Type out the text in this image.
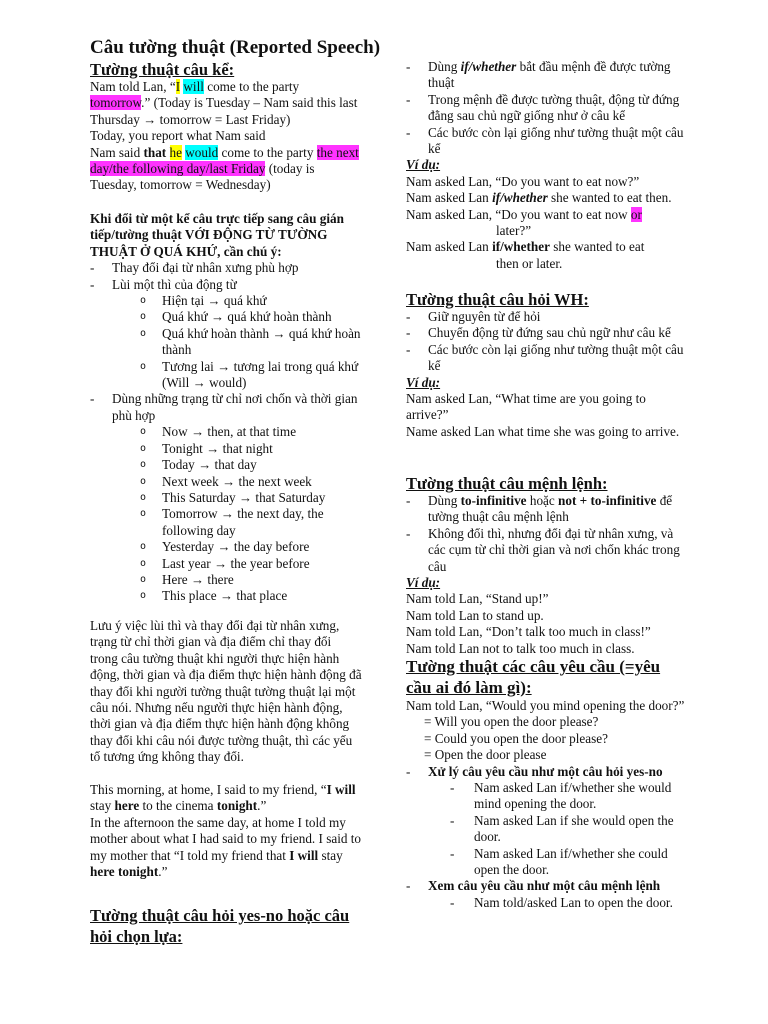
Câu tường thuật (Reported Speech)
Tường thuật câu kể:

Nam told Lan, “I will come to the party tomorrow.” (Today is Tuesday – Nam said this last Thursday → tomorrow = Last Friday)

Today, you report what Nam said

Nam said that he would come to the party the next day/the following day/last Friday (today is Tuesday, tomorrow = Wednesday)

Khi đổi từ một kể câu trực tiếp sang câu gián tiếp/tường thuật VỚI ĐỘNG TỪ TƯỜNG THUẬT Ở QUÁ KHỨ, cần chú ý:

- Thay đổi đại từ nhân xưng phù hợp
- Lùi một thì của động từ
o Hiện tại → quá khứ
o Quá khứ → quá khứ hoàn thành
o Quá khứ hoàn thành → quá khứ hoàn thành
o Tương lai → tương lai trong quá khứ (Will → would)
- Dùng những trạng từ chỉ nơi chốn và thời gian phù hợp
o Now → then, at that time
o Tonight → that night
o Today → that day
o Next week → the next week
o This Saturday → that Saturday
o Tomorrow → the next day, the following day
o Yesterday → the day before
o Last year → the year before
o Here → there
o This place → that place

Lưu ý việc lùi thì và thay đổi đại từ nhân xưng, trạng từ chỉ thời gian và địa điểm chỉ thay đổi trong câu tường thuật khi người thực hiện hành động, thời gian và địa điểm thực hiện hành động đã thay đổi khi người tường thuật tường thuật lại một câu nói. Nhưng nếu người thực hiện hành động, thời gian và địa điểm thực hiện hành động không thay đổi khi câu nói được tường thuật, thì các yếu tố tương ứng không thay đổi.

This morning, at home, I said to my friend, “I will stay here to the cinema tonight.”

In the afternoon the same day, at home I told my mother about what I had said to my friend. I said to my mother that “I told my friend that I will stay here tonight.”

Tường thuật câu hỏi yes-no hoặc câu hỏi chọn lựa:
- Dùng if/whether bắt đầu mệnh đề được tường thuật
- Trong mệnh đề được tường thuật, động từ đứng đằng sau chủ ngữ giống như ở câu kể
- Các bước còn lại giống như tường thuật một câu kể

Ví dụ:

Nam asked Lan, “Do you want to eat now?”

Nam asked Lan if/whether she wanted to eat then.

Nam asked Lan, “Do you want to eat now or

later?”

Nam asked Lan if/whether she wanted to eat

then or later.

Tường thuật câu hỏi WH:
- Giữ nguyên từ để hỏi
- Chuyển động từ đứng sau chủ ngữ như câu kể
- Các bước còn lại giống như tường thuật một câu kể

Ví dụ:

Nam asked Lan, “What time are you going to arrive?”

Name asked Lan what time she was going to arrive.

Tường thuật câu mệnh lệnh:
- Dùng to-infinitive hoặc not + to-infinitive để tường thuật câu mệnh lệnh
- Không đổi thì, nhưng đổi đại từ nhân xưng, và các cụm từ chỉ thời gian và nơi chốn khác trong câu

Ví dụ:

Nam told Lan, “Stand up!”

Nam told Lan to stand up.

Nam told Lan, “Don’t talk too much in class!”

Nam told Lan not to talk too much in class.

Tường thuật các câu yêu cầu (=yêu cầu ai đó làm gì):

Nam told Lan, “Would you mind opening the door?”

= Will you open the door please?

= Could you open the door please?

= Open the door please

- Xử lý câu yêu cầu như một câu hỏi yes-no
- Nam asked Lan if/whether she would mind opening the door.
- Nam asked Lan if she would open the door.
- Nam asked Lan if/whether she could open the door.
- Xem câu yêu cầu như một câu mệnh lệnh
- Nam told/asked Lan to open the door.
